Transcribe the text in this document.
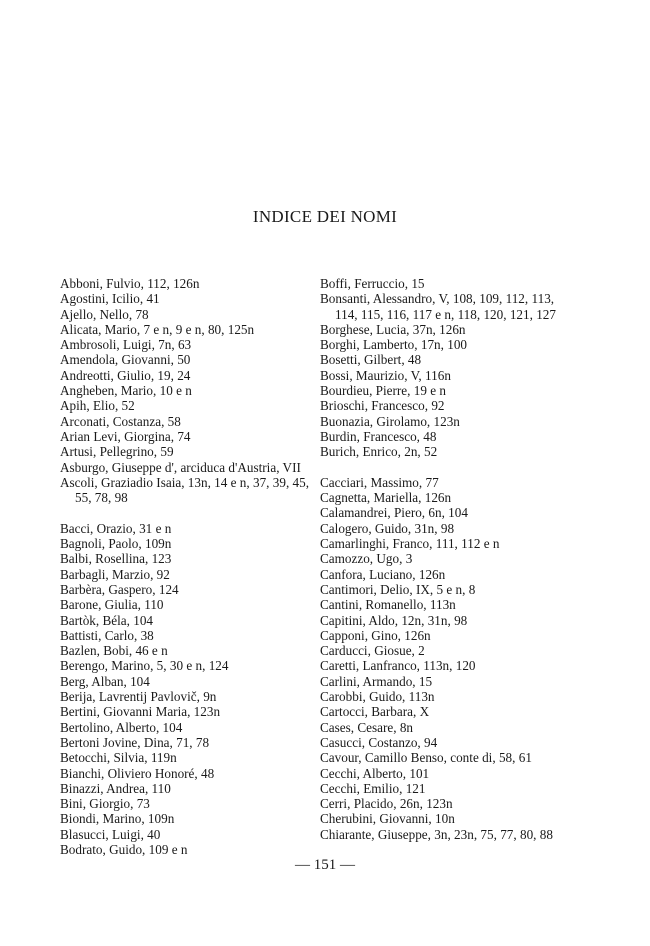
INDICE DEI NOMI
Abboni, Fulvio, 112, 126n
Agostini, Icilio, 41
Ajello, Nello, 78
Alicata, Mario, 7 e n, 9 e n, 80, 125n
Ambrosoli, Luigi, 7n, 63
Amendola, Giovanni, 50
Andreotti, Giulio, 19, 24
Angheben, Mario, 10 e n
Apih, Elio, 52
Arconati, Costanza, 58
Arian Levi, Giorgina, 74
Artusi, Pellegrino, 59
Asburgo, Giuseppe d', arciduca d'Austria, VII
Ascoli, Graziadio Isaia, 13n, 14 e n, 37, 39, 45, 55, 78, 98
Bacci, Orazio, 31 e n
Bagnoli, Paolo, 109n
Balbi, Rosellina, 123
Barbagli, Marzio, 92
Barbèra, Gaspero, 124
Barone, Giulia, 110
Bartòk, Béla, 104
Battisti, Carlo, 38
Bazlen, Bobi, 46 e n
Berengo, Marino, 5, 30 e n, 124
Berg, Alban, 104
Berija, Lavrentij Pavlovič, 9n
Bertini, Giovanni Maria, 123n
Bertolino, Alberto, 104
Bertoni Jovine, Dina, 71, 78
Betocchi, Silvia, 119n
Bianchi, Oliviero Honoré, 48
Binazzi, Andrea, 110
Bini, Giorgio, 73
Biondi, Marino, 109n
Blasucci, Luigi, 40
Bodrato, Guido, 109 e n
Boffi, Ferruccio, 15
Bonsanti, Alessandro, V, 108, 109, 112, 113, 114, 115, 116, 117 e n, 118, 120, 121, 127
Borghese, Lucia, 37n, 126n
Borghi, Lamberto, 17n, 100
Bosetti, Gilbert, 48
Bossi, Maurizio, V, 116n
Bourdieu, Pierre, 19 e n
Brioschi, Francesco, 92
Buonazia, Girolamo, 123n
Burdin, Francesco, 48
Burich, Enrico, 2n, 52
Cacciari, Massimo, 77
Cagnetta, Mariella, 126n
Calamandrei, Piero, 6n, 104
Calogero, Guido, 31n, 98
Camarlinghi, Franco, 111, 112 e n
Camozzo, Ugo, 3
Canfora, Luciano, 126n
Cantimori, Delio, IX, 5 e n, 8
Cantini, Romanello, 113n
Capitini, Aldo, 12n, 31n, 98
Capponi, Gino, 126n
Carducci, Giosue, 2
Caretti, Lanfranco, 113n, 120
Carlini, Armando, 15
Carobbi, Guido, 113n
Cartocci, Barbara, X
Cases, Cesare, 8n
Casucci, Costanzo, 94
Cavour, Camillo Benso, conte di, 58, 61
Cecchi, Alberto, 101
Cecchi, Emilio, 121
Cerri, Placido, 26n, 123n
Cherubini, Giovanni, 10n
Chiarante, Giuseppe, 3n, 23n, 75, 77, 80, 88
— 151 —
